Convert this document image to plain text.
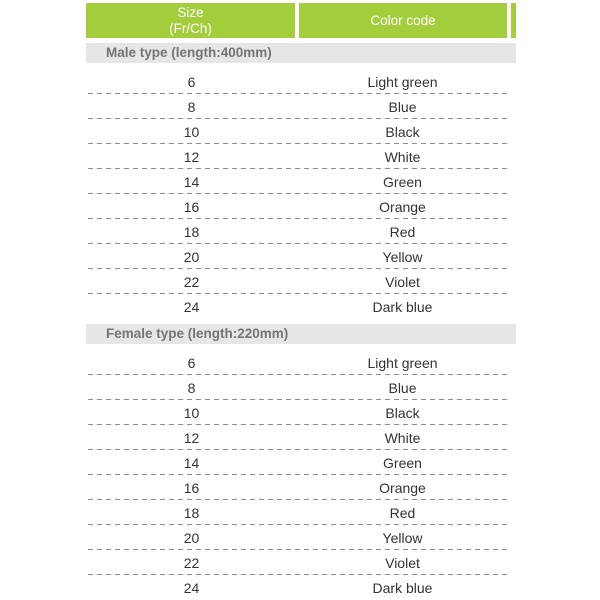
Size
(Fr/Ch)
Color code
Male type (length:400mm)
6	Light green
8	Blue
10	Black
12	White
14	Green
16	Orange
18	Red
20	Yellow
22	Violet
24	Dark blue
Female type (length:220mm)
6	Light green
8	Blue
10	Black
12	White
14	Green
16	Orange
18	Red
20	Yellow
22	Violet
24	Dark blue
